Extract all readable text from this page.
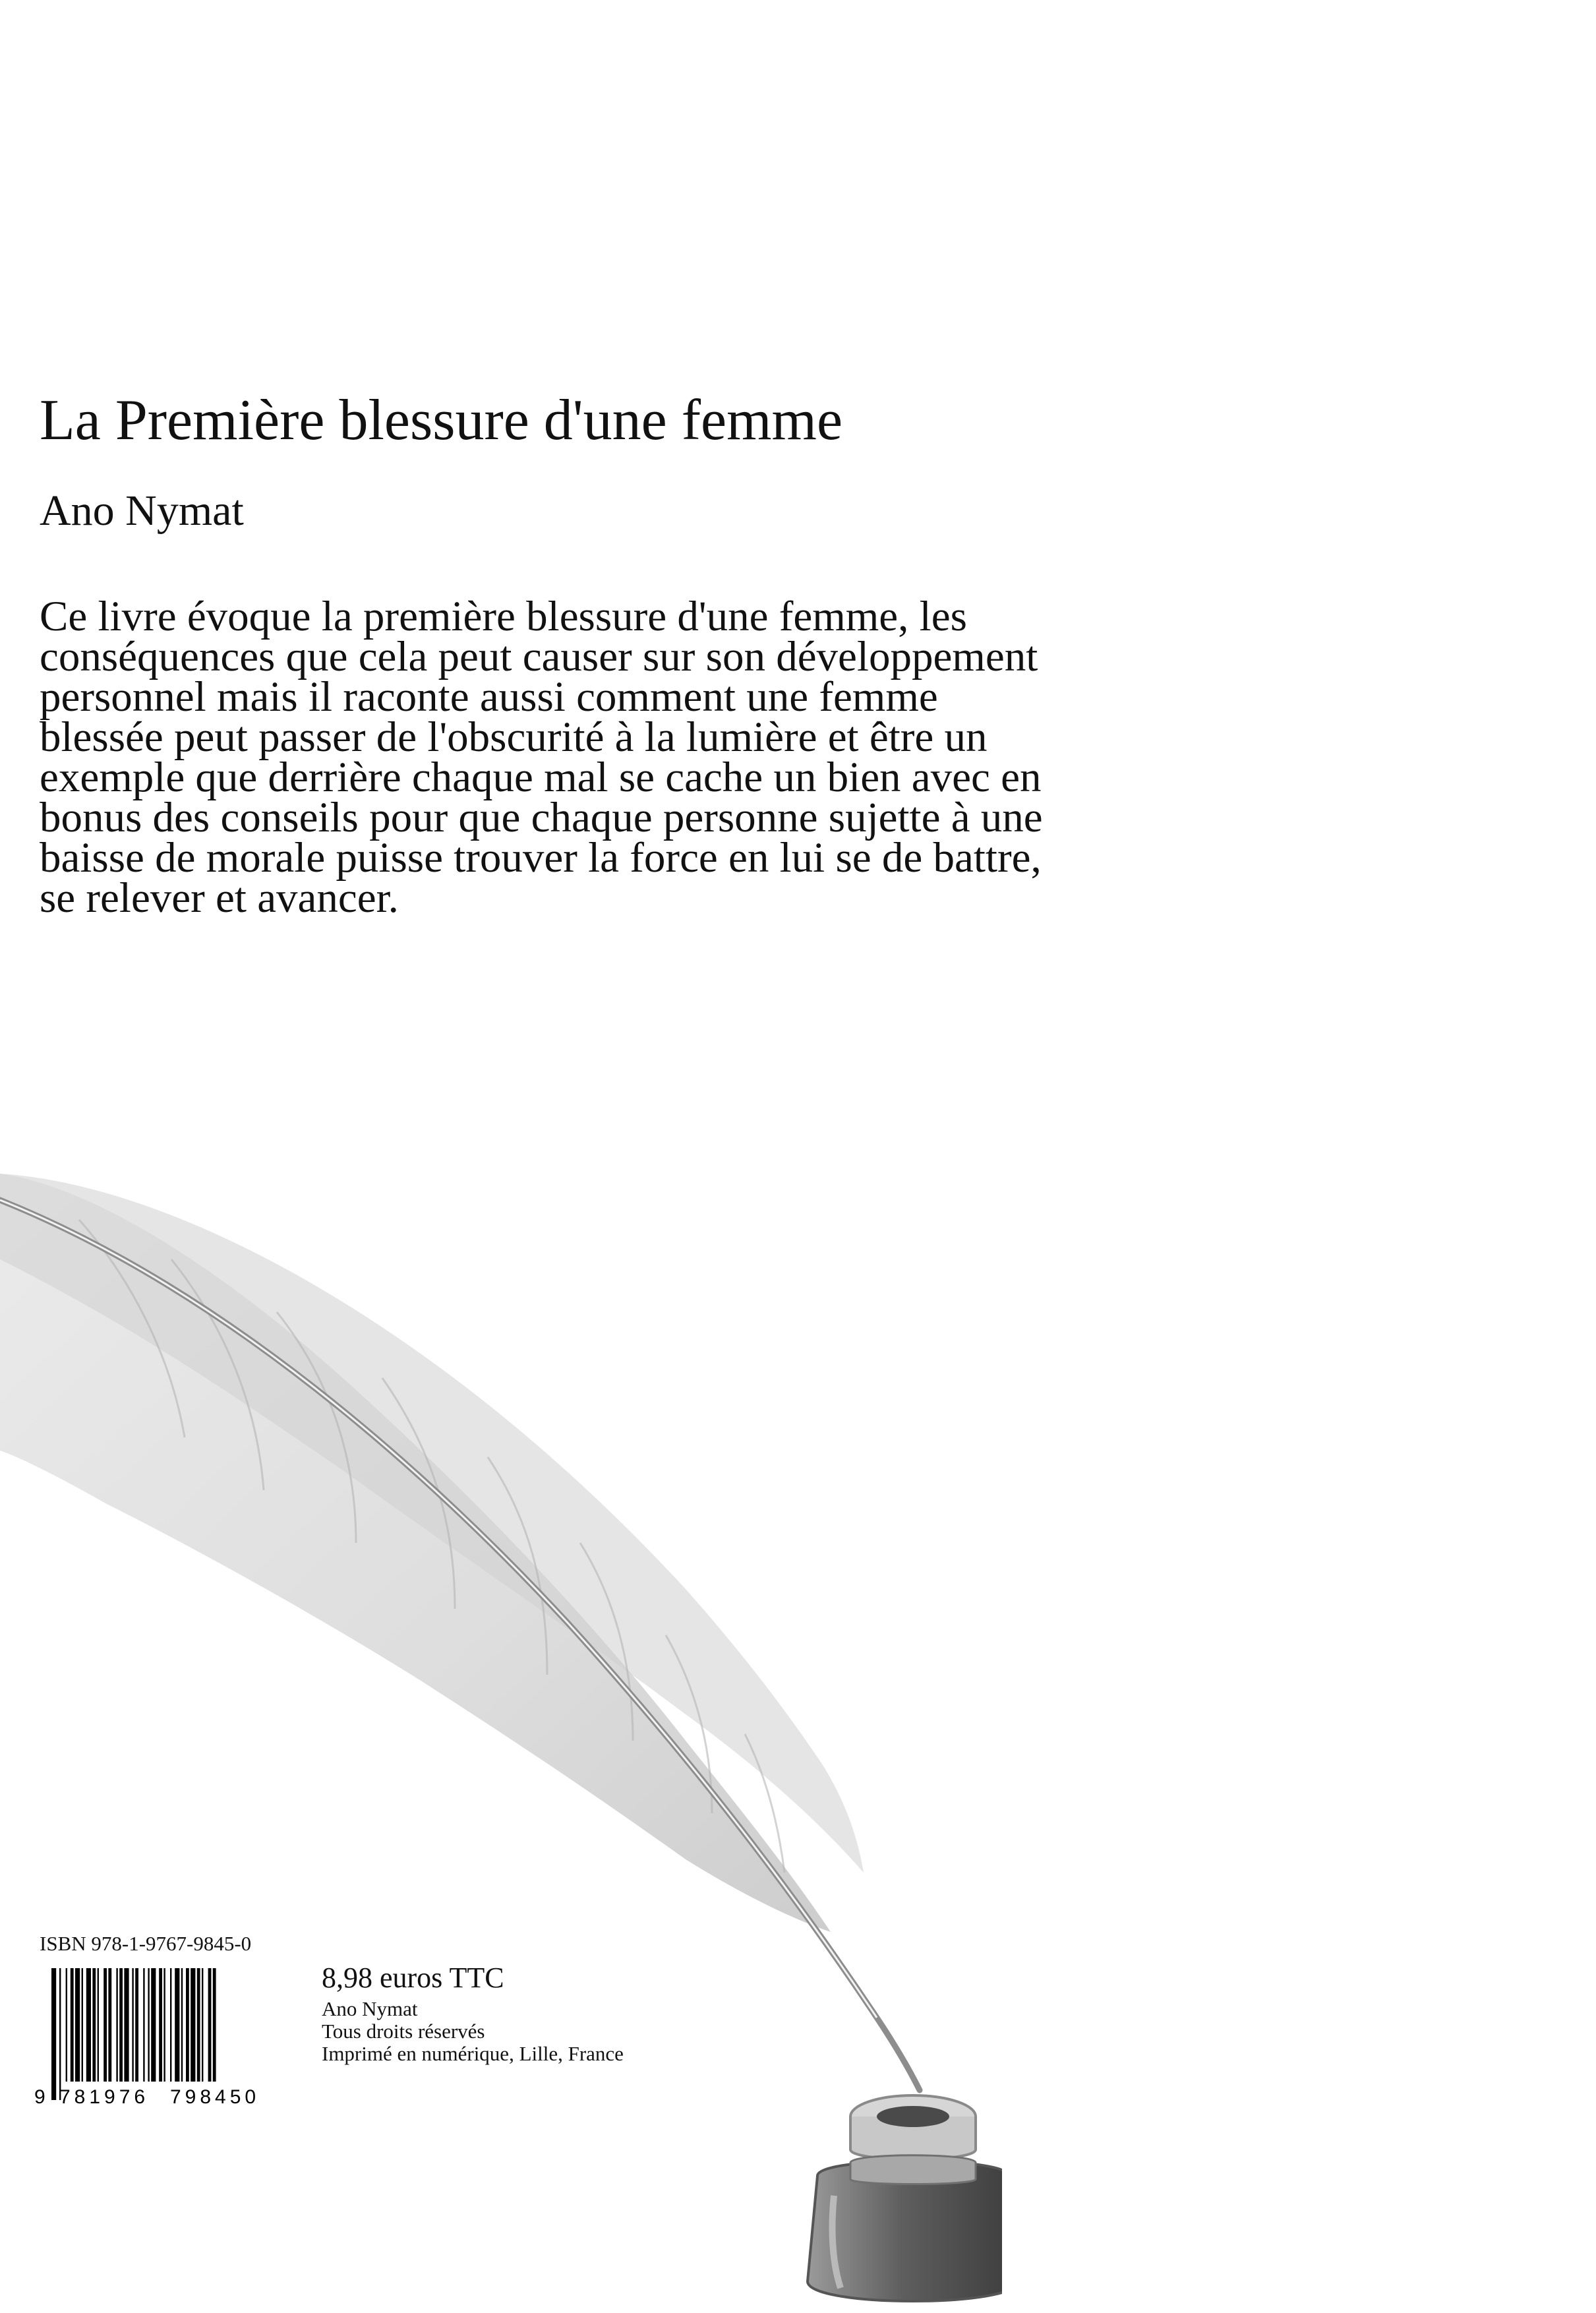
La Première blessure d'une femme
Ano Nymat

Ce livre évoque la première blessure d'une femme, les
conséquences que cela peut causer sur son développement
personnel mais il raconte aussi comment une femme
blessée peut passer de l'obscurité à la lumière et être un
exemple que derrière chaque mal se cache un bien avec en
bonus des conseils pour que chaque personne sujette à une
baisse de morale puisse trouver la force en lui se de battre,
se relever et avancer.

ISBN 978-1-9767-9845-0
9 781976 798450
8,98 euros TTC
Ano Nymat
Tous droits réservés
Imprimé en numérique, Lille, France
